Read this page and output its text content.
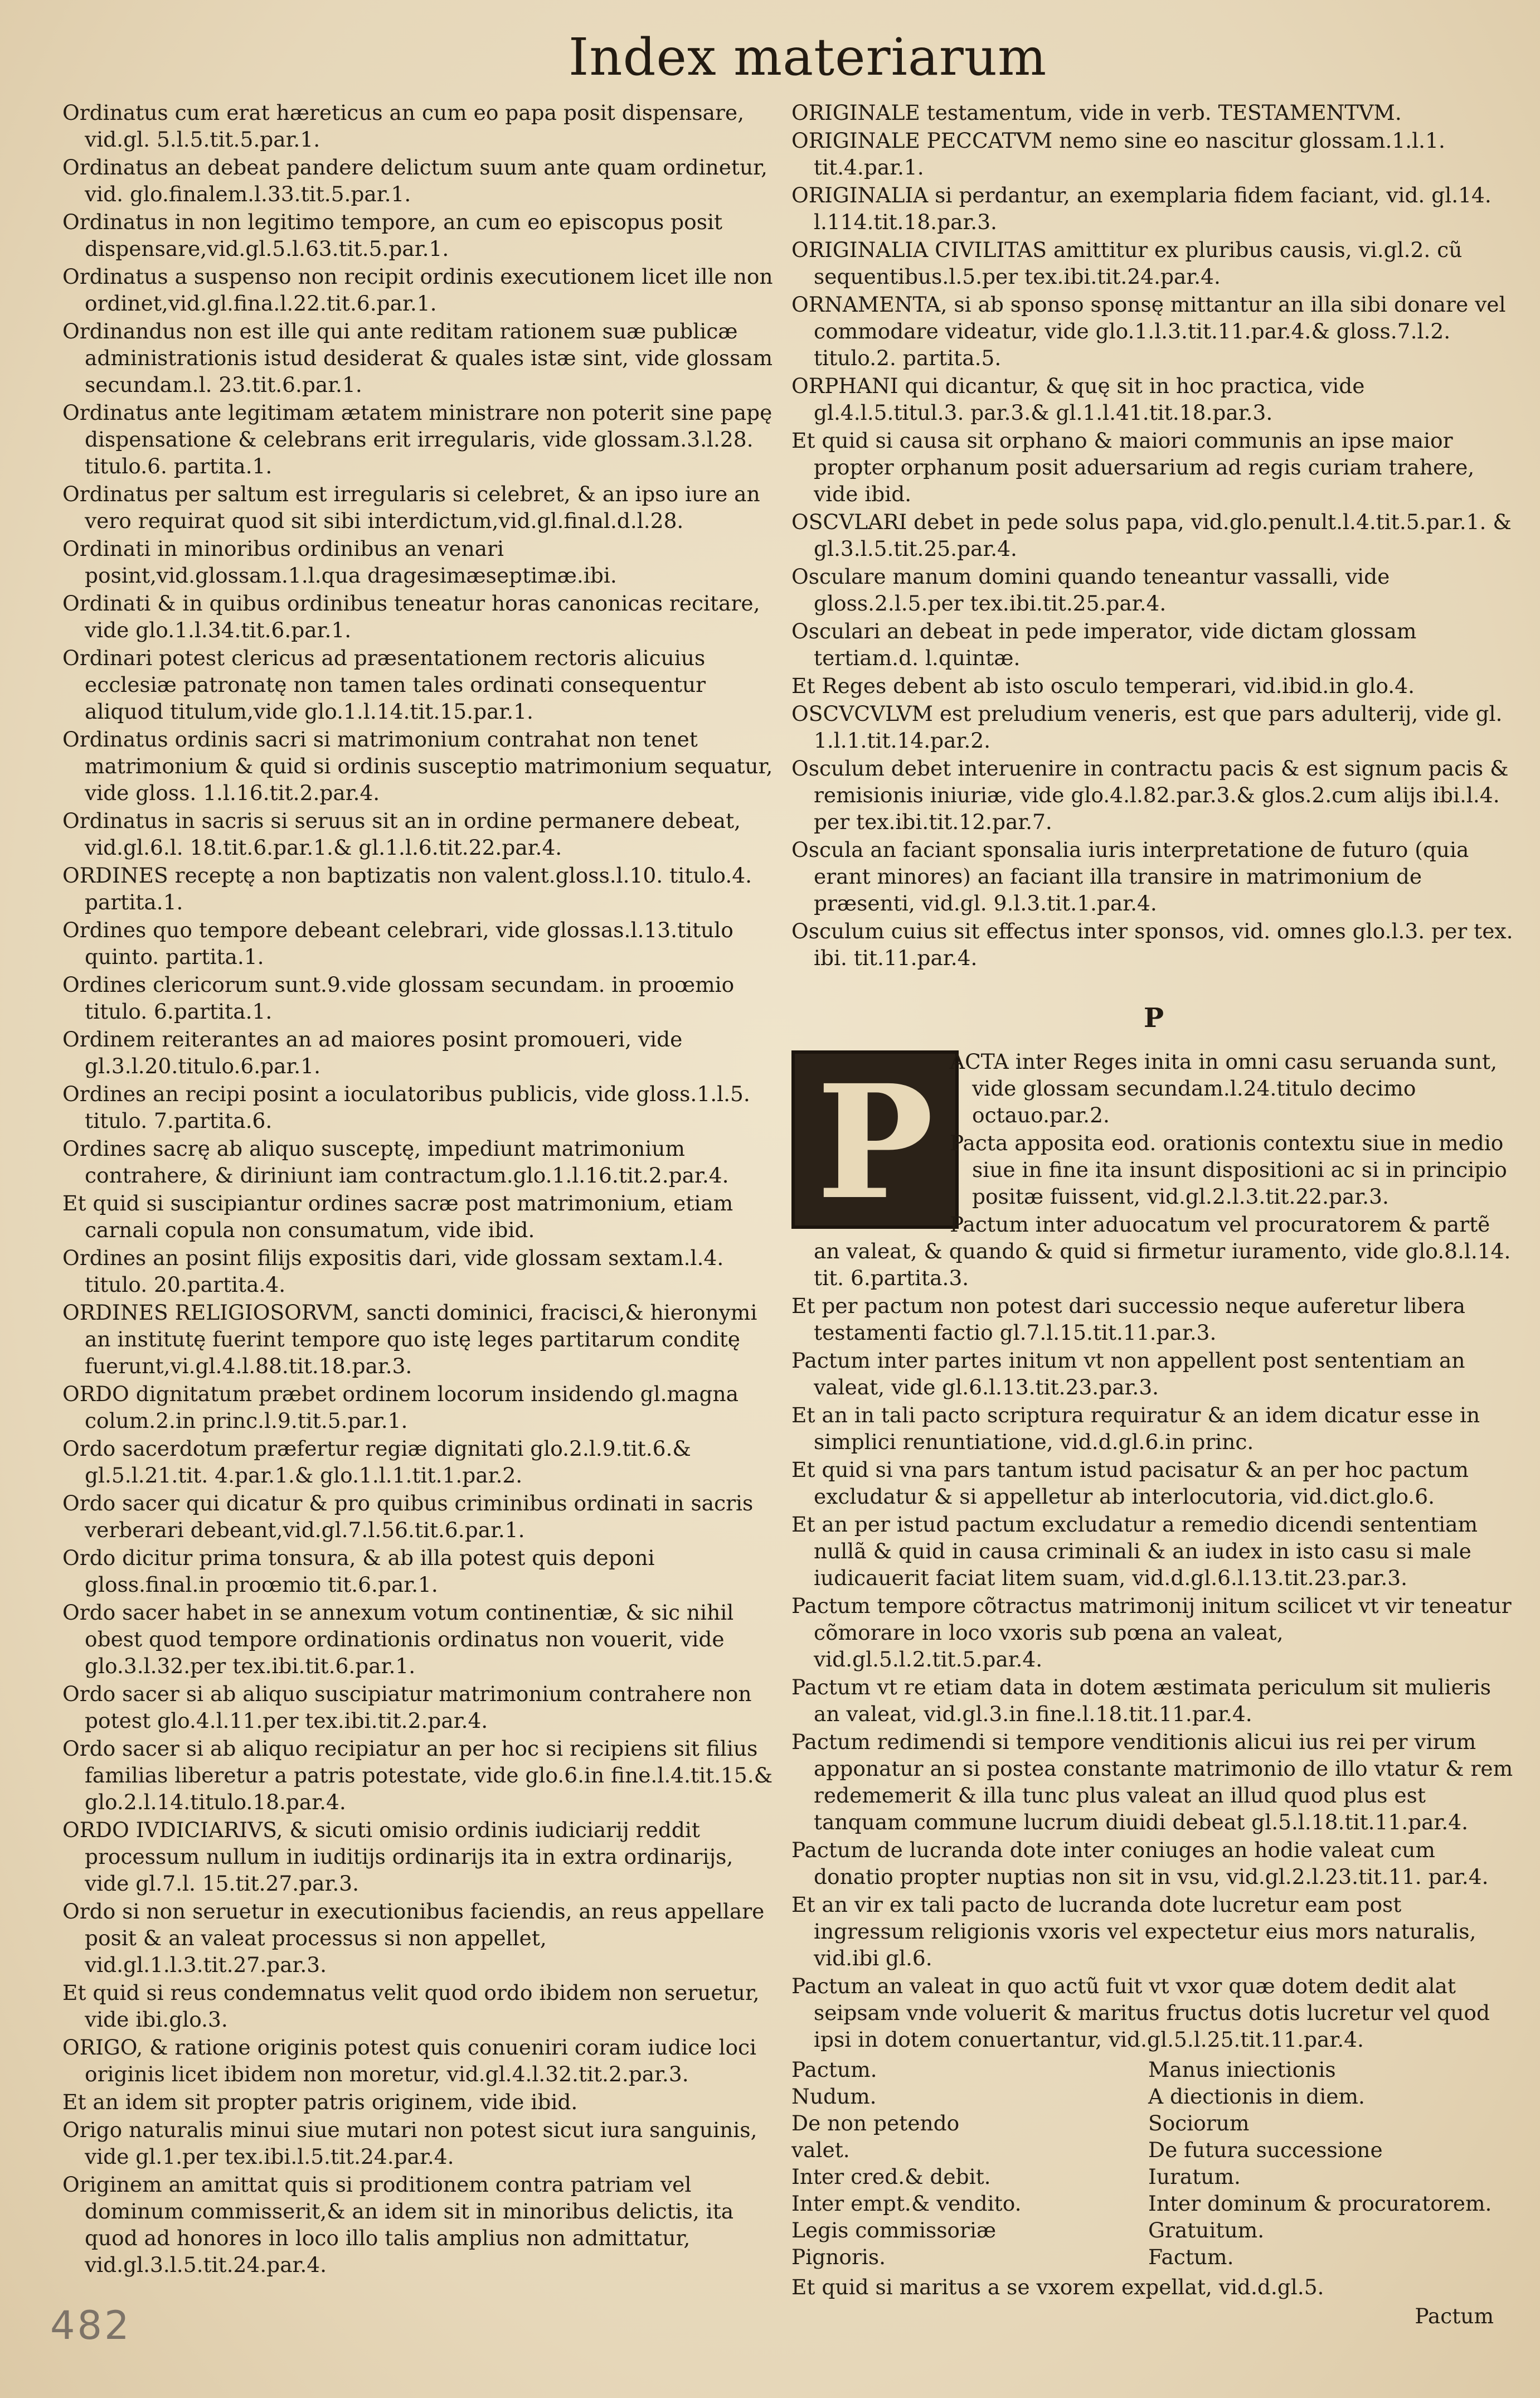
Index materiarum
Ordinatus cum erat hæreticus an cum eo papa posit dispensare, vid.gl. 5.l.5.tit.5.par.1.
Ordinatus an debeat pandere delictum suum ante quam ordinetur, vid. glo.finalem.l.33.tit.5.par.1.
Ordinatus in non legitimo tempore, an cum eo episcopus posit dispensare,vid.gl.5.l.63.tit.5.par.1.
Ordinatus a suspenso non recipit ordinis executionem licet ille non ordinet,vid.gl.fina.l.22.tit.6.par.1.
Ordinandus non est ille qui ante reditam rationem suæ publicæ administrationis istud desiderat & quales istæ sint, vide glossam secundam.l. 23.tit.6.par.1.
Ordinatus ante legitimam ætatem ministrare non poterit sine papę dispensatione & celebrans erit irregularis, vide glossam.3.l.28. titulo.6. partita.1.
Ordinatus per saltum est irregularis si celebret, & an ipso iure an vero requirat quod sit sibi interdictum,vid.gl.final.d.l.28.
Ordinati in minoribus ordinibus an venari posint,vid.glossam.1.l.qua dragesimæseptimæ.ibi.
Ordinati & in quibus ordinibus teneatur horas canonicas recitare, vide glo.1.l.34.tit.6.par.1.
Ordinari potest clericus ad præsentationem rectoris alicuius ecclesiæ patronatę non tamen tales ordinati consequentur aliquod titulum,vide glo.1.l.14.tit.15.par.1.
Ordinatus ordinis sacri si matrimonium contrahat non tenet matrimonium & quid si ordinis susceptio matrimonium sequatur, vide gloss. 1.l.16.tit.2.par.4.
Ordinatus in sacris si seruus sit an in ordine permanere debeat, vid.gl.6.l. 18.tit.6.par.1.& gl.1.l.6.tit.22.par.4.
ORDINES receptę a non baptizatis non valent.gloss.l.10. titulo.4. partita.1.
Ordines quo tempore debeant celebrari, vide glossas.l.13.titulo quinto. partita.1.
Ordines clericorum sunt.9.vide glossam secundam. in proœmio titulo. 6.partita.1.
Ordinem reiterantes an ad maiores posint promoueri, vide gl.3.l.20.titulo.6.par.1.
Ordines an recipi posint a ioculatoribus publicis, vide gloss.1.l.5. titulo. 7.partita.6.
Ordines sacrę ab aliquo susceptę, impediunt matrimonium contrahere, & diriniunt iam contractum.glo.1.l.16.tit.2.par.4.
Et quid si suscipiantur ordines sacræ post matrimonium, etiam carnali copula non consumatum, vide ibid.
Ordines an posint filijs expositis dari, vide glossam sextam.l.4. titulo. 20.partita.4.
ORDINES RELIGIOSORVM, sancti dominici, fracisci,& hieronymi an institutę fuerint tempore quo istę leges partitarum conditę fuerunt,vi.gl.4.l.88.tit.18.par.3.
ORDO dignitatum præbet ordinem locorum insidendo gl.magna colum.2.in princ.l.9.tit.5.par.1.
Ordo sacerdotum præfertur regiæ dignitati glo.2.l.9.tit.6.& gl.5.l.21.tit. 4.par.1.& glo.1.l.1.tit.1.par.2.
Ordo sacer qui dicatur & pro quibus criminibus ordinati in sacris verberari debeant,vid.gl.7.l.56.tit.6.par.1.
Ordo dicitur prima tonsura, & ab illa potest quis deponi gloss.final.in proœmio tit.6.par.1.
Ordo sacer habet in se annexum votum continentiæ, & sic nihil obest quod tempore ordinationis ordinatus non vouerit, vide glo.3.l.32.per tex.ibi.tit.6.par.1.
Ordo sacer si ab aliquo suscipiatur matrimonium contrahere non potest glo.4.l.11.per tex.ibi.tit.2.par.4.
Ordo sacer si ab aliquo recipiatur an per hoc si recipiens sit filius familias liberetur a patris potestate, vide glo.6.in fine.l.4.tit.15.& glo.2.l.14.titulo.18.par.4.
ORDO IVDICIARIVS, & sicuti omisio ordinis iudiciarij reddit processum nullum in iuditijs ordinarijs ita in extra ordinarijs, vide gl.7.l. 15.tit.27.par.3.
Ordo si non seruetur in executionibus faciendis, an reus appellare posit & an valeat processus si non appellet, vid.gl.1.l.3.tit.27.par.3.
Et quid si reus condemnatus velit quod ordo ibidem non seruetur, vide ibi.glo.3.
ORIGO, & ratione originis potest quis conueniri coram iudice loci originis licet ibidem non moretur, vid.gl.4.l.32.tit.2.par.3.
Et an idem sit propter patris originem, vide ibid.
Origo naturalis minui siue mutari non potest sicut iura sanguinis, vide gl.1.per tex.ibi.l.5.tit.24.par.4.
Originem an amittat quis si proditionem contra patriam vel dominum commisserit,& an idem sit in minoribus delictis, ita quod ad honores in loco illo talis amplius non admittatur, vid.gl.3.l.5.tit.24.par.4.
ORIGINALE testamentum, vide in verb. TESTAMENTVM.
ORIGINALE PECCATVM nemo sine eo nascitur glossam.1.l.1. tit.4.par.1.
ORIGINALIA si perdantur, an exemplaria fidem faciant, vid. gl.14. l.114.tit.18.par.3.
ORIGINALIA CIVILITAS amittitur ex pluribus causis, vi.gl.2. cũ sequentibus.l.5.per tex.ibi.tit.24.par.4.
ORNAMENTA, si ab sponso sponsę mittantur an illa sibi donare vel commodare videatur, vide glo.1.l.3.tit.11.par.4.& gloss.7.l.2. titulo.2. partita.5.
ORPHANI qui dicantur, & quę sit in hoc practica, vide gl.4.l.5.titul.3. par.3.& gl.1.l.41.tit.18.par.3.
Et quid si causa sit orphano & maiori communis an ipse maior propter orphanum posit aduersarium ad regis curiam trahere, vide ibid.
OSCVLARI debet in pede solus papa, vid.glo.penult.l.4.tit.5.par.1. & gl.3.l.5.tit.25.par.4.
Osculare manum domini quando teneantur vassalli, vide gloss.2.l.5.per tex.ibi.tit.25.par.4.
Osculari an debeat in pede imperator, vide dictam glossam tertiam.d. l.quintæ.
Et Reges debent ab isto osculo temperari, vid.ibid.in glo.4.
OSCVCVLVM est preludium veneris, est que pars adulterij, vide gl. 1.l.1.tit.14.par.2.
Osculum debet interuenire in contractu pacis & est signum pacis & remisionis iniuriæ, vide glo.4.l.82.par.3.& glos.2.cum alijs ibi.l.4. per tex.ibi.tit.12.par.7.
Oscula an faciant sponsalia iuris interpretatione de futuro (quia erant minores) an faciant illa transire in matrimonium de præsenti, vid.gl. 9.l.3.tit.1.par.4.
Osculum cuius sit effectus inter sponsos, vid. omnes glo.l.3. per tex. ibi. tit.11.par.4.
P
P ACTA inter Reges inita in omni casu seruanda sunt, vide glossam secundam.l.24.titulo decimo octauo.par.2.
Pacta apposita eod. orationis contextu siue in medio siue in fine ita insunt dispositioni ac si in principio positæ fuissent, vid.gl.2.l.3.tit.22.par.3.
Pactum inter aduocatum vel procuratorem & partẽ an valeat, & quando & quid si firmetur iuramento, vide glo.8.l.14. tit. 6.partita.3.
Et per pactum non potest dari successio neque auferetur libera testamenti factio gl.7.l.15.tit.11.par.3.
Pactum inter partes initum vt non appellent post sententiam an valeat, vide gl.6.l.13.tit.23.par.3.
Et an in tali pacto scriptura requiratur & an idem dicatur esse in simplici renuntiatione, vid.d.gl.6.in princ.
Et quid si vna pars tantum istud pacisatur & an per hoc pactum excludatur & si appelletur ab interlocutoria, vid.dict.glo.6.
Et an per istud pactum excludatur a remedio dicendi sententiam nullã & quid in causa criminali & an iudex in isto casu si male iudicauerit faciat litem suam, vid.d.gl.6.l.13.tit.23.par.3.
Pactum tempore cõtractus matrimonij initum scilicet vt vir teneatur cõmorare in loco vxoris sub pœna an valeat, vid.gl.5.l.2.tit.5.par.4.
Pactum vt re etiam data in dotem æstimata periculum sit mulieris an valeat, vid.gl.3.in fine.l.18.tit.11.par.4.
Pactum redimendi si tempore venditionis alicui ius rei per virum apponatur an si postea constante matrimonio de illo vtatur & rem redememerit & illa tunc plus valeat an illud quod plus est tanquam commune lucrum diuidi debeat gl.5.l.18.tit.11.par.4.
Pactum de lucranda dote inter coniuges an hodie valeat cum donatio propter nuptias non sit in vsu, vid.gl.2.l.23.tit.11. par.4.
Et an vir ex tali pacto de lucranda dote lucretur eam post ingressum religionis vxoris vel expectetur eius mors naturalis, vid.ibi gl.6.
Pactum an valeat in quo actũ fuit vt vxor quæ dotem dedit alat seipsam vnde voluerit & maritus fructus dotis lucretur vel quod ipsi in dotem conuertantur, vid.gl.5.l.25.tit.11.par.4.
Pactum.
Nudum.
De non petendo
valet.
Inter cred.& debit.
Inter empt.& vendito.
Legis commissoriæ
Pignoris.
Manus iniectionis
A diectionis in diem.
Sociorum
De futura successione
Iuratum.
Inter dominum & procuratorem.
Gratuitum.
Factum.
Et quid si maritus a se vxorem expellat, vid.d.gl.5.
Pactum
482
